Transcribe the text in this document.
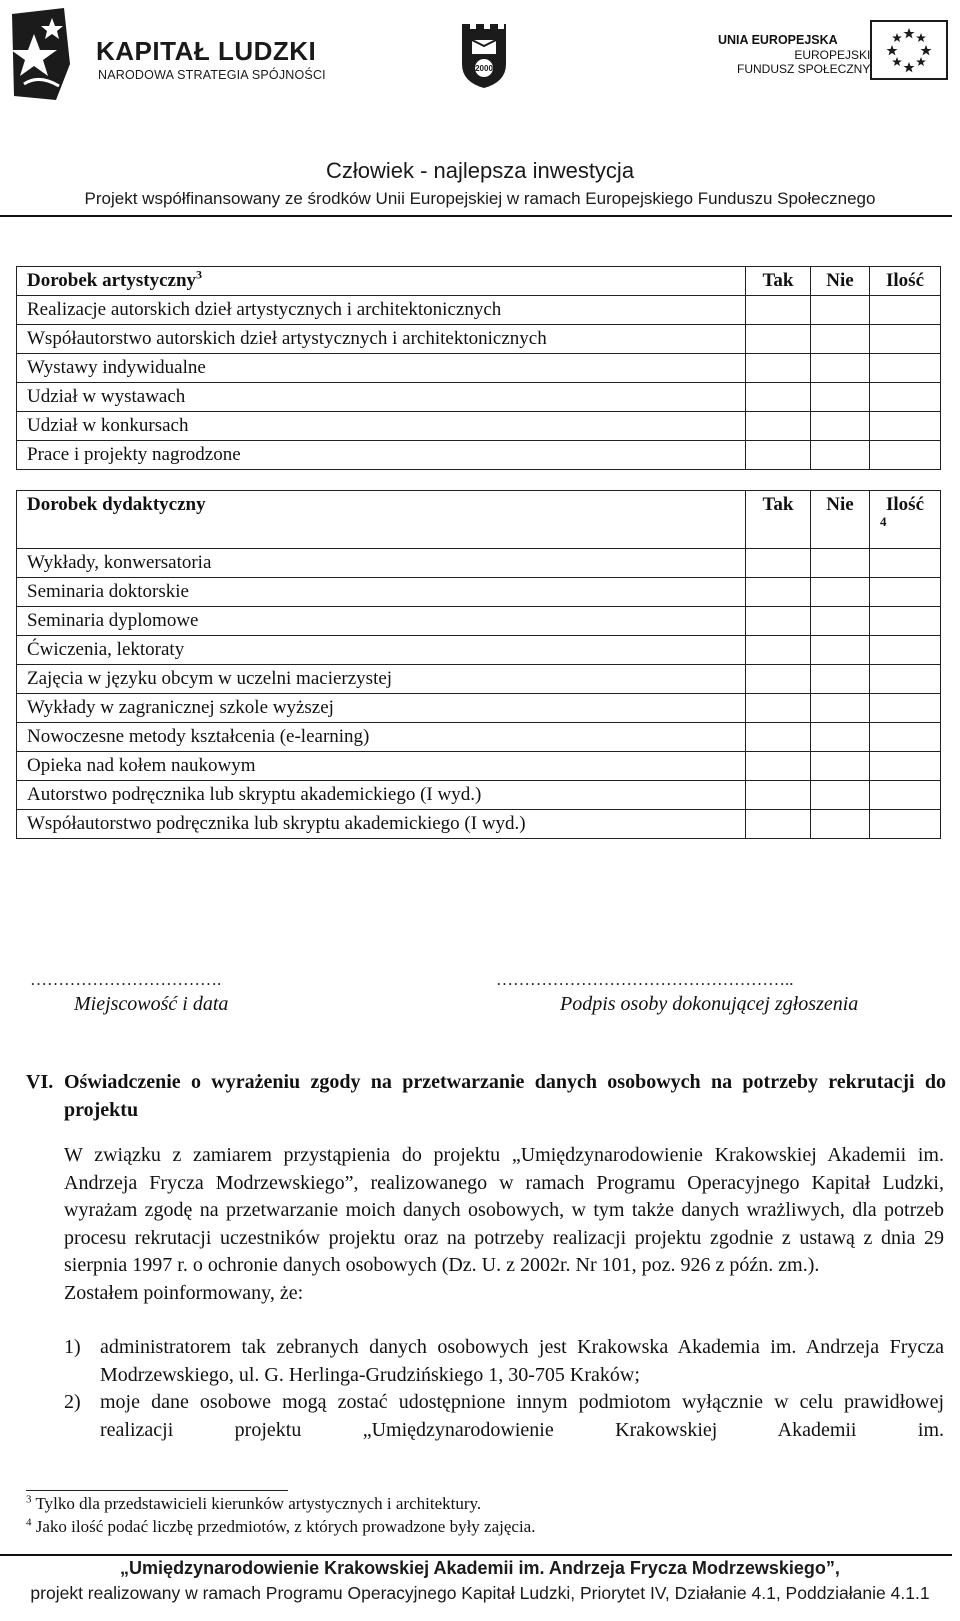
KAPITAŁ LUDZKI
NARODOWA STRATEGIA SPÓJNOŚCI	2000
UNIA EUROPEJSKA
EUROPEJSKI
FUNDUSZ SPOŁECZNY
Człowiek - najlepsza inwestycja
Projekt współfinansowany ze środków Unii Europejskiej w ramach Europejskiego Funduszu Społecznego
Dorobek artystyczny$^3$	Tak	Nie	Ilość
Realizacje autorskich dzieł artystycznych i architektonicznych			
Współautorstwo autorskich dzieł artystycznych i architektonicznych			
Wystawy indywidualne			
Udział w wystawach			
Udział w konkursach			
Prace i projekty nagrodzone			
Dorobek dydaktyczny	Tak	Nie	Ilość
4

Wykłady, konwersatoria			
Seminaria doktorskie			
Seminaria dyplomowe			
Ćwiczenia, lektoraty			
Zajęcia w języku obcym w uczelni macierzystej			
Wykłady w zagranicznej szkole wyższej			
Nowoczesne metody kształcenia (e-learning)			
Opieka nad kołem naukowym			
Autorstwo podręcznika lub skryptu akademickiego (I wyd.)			
Współautorstwo podręcznika lub skryptu akademickiego (I wyd.)			
…………………………….
Miejscowość i data
……………………………………………..
Podpis osoby dokonującej zgłoszenia
VI. Oświadczenie o wyrażeniu zgody na przetwarzanie danych osobowych na potrzeby rekrutacji do projektu

W związku z zamiarem przystąpienia do projektu „Umiędzynarodowienie Krakowskiej Akademii im. Andrzeja Frycza Modrzewskiego”, realizowanego w ramach Programu Operacyjnego Kapitał Ludzki, wyrażam zgodę na przetwarzanie moich danych osobowych, w tym także danych wrażliwych, dla potrzeb procesu rekrutacji uczestników projektu oraz na potrzeby realizacji projektu zgodnie z ustawą z dnia 29 sierpnia 1997 r. o ochronie danych osobowych (Dz. U. z 2002r. Nr 101, poz. 926 z późn. zm.).

Zostałem poinformowany, że:

1) administratorem tak zebranych danych osobowych jest Krakowska Akademia im. Andrzeja Frycza Modrzewskiego, ul. G. Herlinga-Grudzińskiego 1, 30-705 Kraków;
2) moje dane osobowe mogą zostać udostępnione innym podmiotom wyłącznie w celu prawidłowej realizacji projektu „Umiędzynarodowienie Krakowskiej Akademii im.
$^3$ Tylko dla przedstawicieli kierunków artystycznych i architektury.
$^4$ Jako ilość podać liczbę przedmiotów, z których prowadzone były zajęcia.
„Umiędzynarodowienie Krakowskiej Akademii im. Andrzeja Frycza Modrzewskiego”,
projekt realizowany w ramach Programu Operacyjnego Kapitał Ludzki, Priorytet IV, Działanie 4.1, Poddziałanie 4.1.1
